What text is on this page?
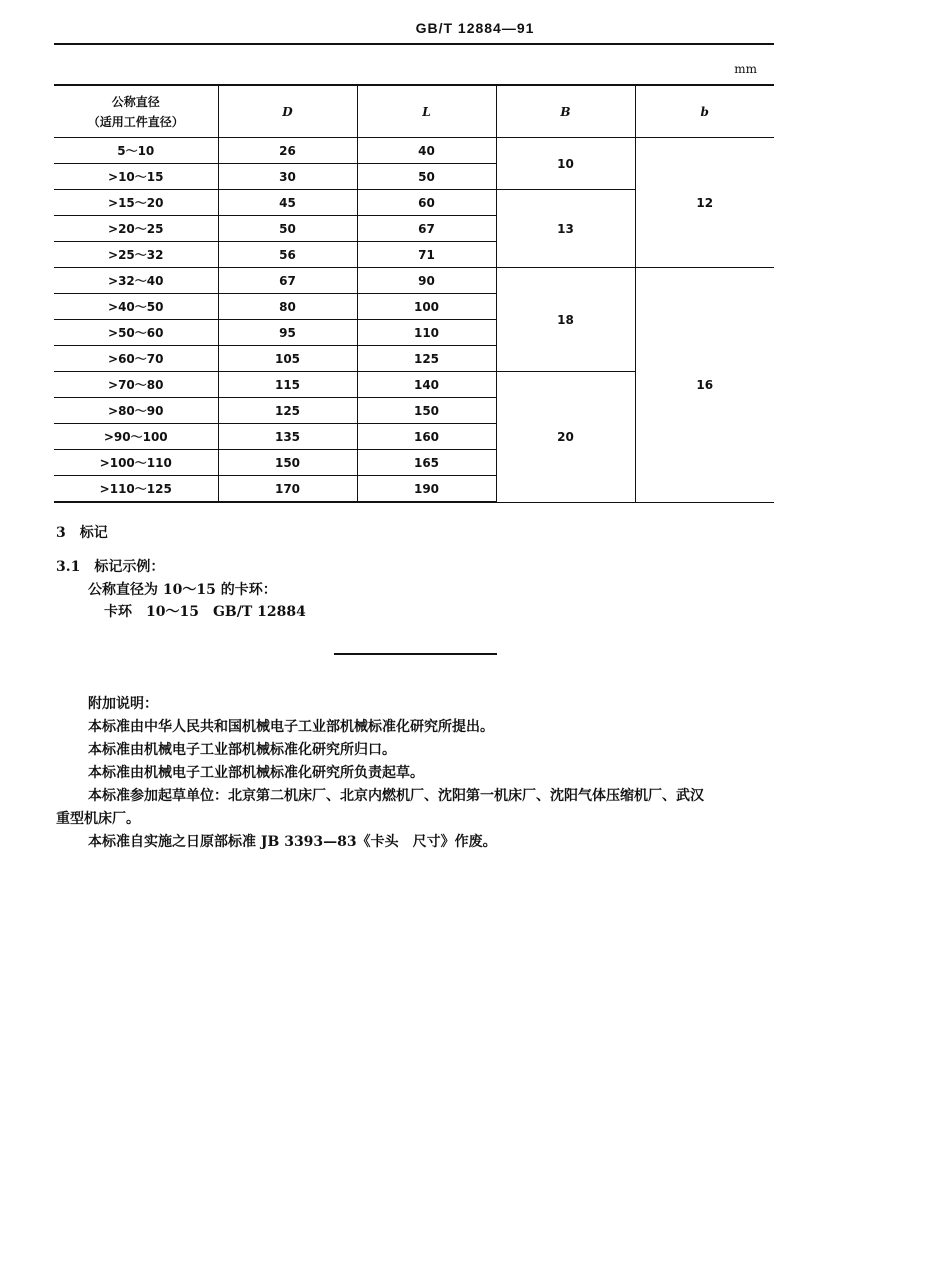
GB/T 12884—91
mm
公称直径
（适用工件直径）	D	L	B	b
5～10	26	40	10	12
>10～15	30	50		
>15～20	45	60	13	
>20～25	50	67		
>25～32	56	71		
>32～40	67	90	18	16
>40～50	80	100		
>50～60	95	110		
>60～70	105	125		
>70～80	115	140	20	
>80～90	125	150		
>90～100	135	160		
>100～110	150	165		
>110～125	170	190		
3　标记
3.1　标记示例：
公称直径为 10～15 的卡环：
卡环　10～15　GB/T 12884
附加说明：
本标准由中华人民共和国机械电子工业部机械标准化研究所提出。
本标准由机械电子工业部机械标准化研究所归口。
本标准由机械电子工业部机械标准化研究所负责起草。
本标准参加起草单位：北京第二机床厂、北京内燃机厂、沈阳第一机床厂、沈阳气体压缩机厂、武汉
重型机床厂。
本标准自实施之日原部标准 JB 3393—83《卡头　尺寸》作废。
